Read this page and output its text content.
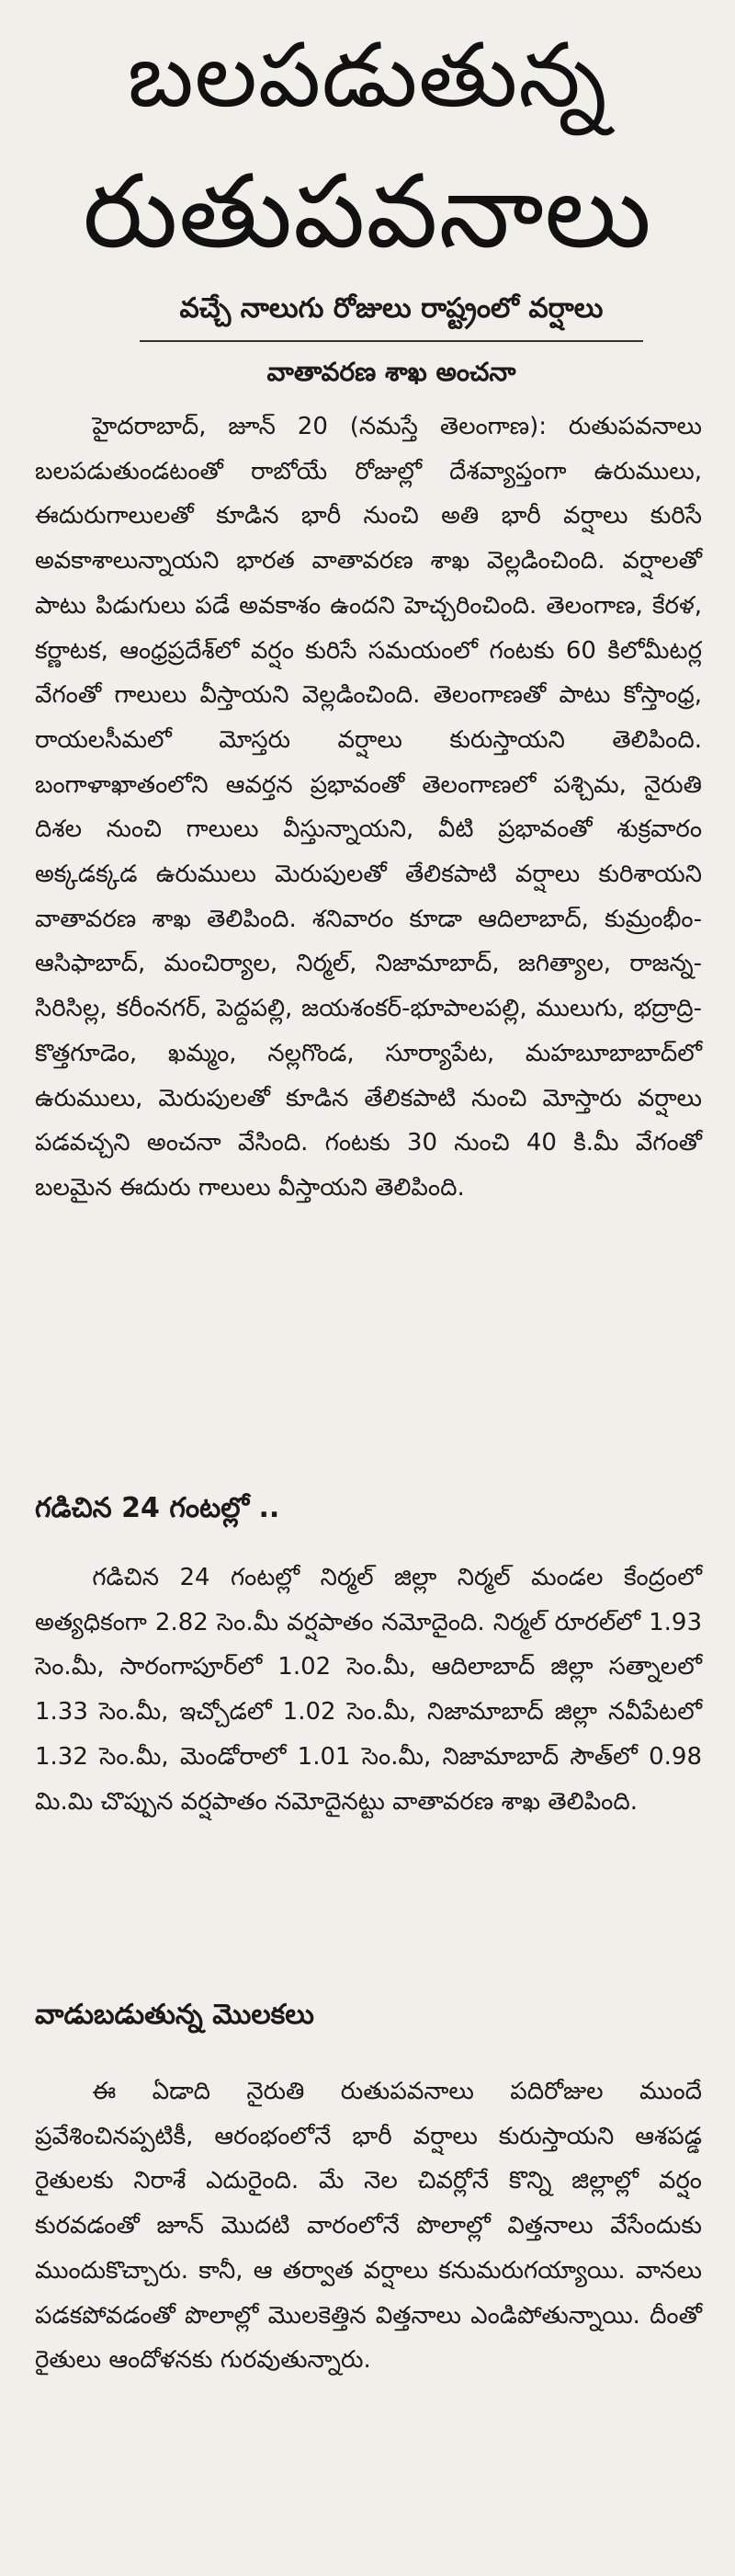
బలపడుతున్న
రుతుపవనాలు
వచ్చే నాలుగు రోజులు రాష్ట్రంలో వర్షాలు
వాతావరణ శాఖ అంచనా

హైదరాబాద్, జూన్ 20 (నమస్తే తెలంగాణ): రుతుపవనాలు బలపడుతుండటంతో రాబోయే రోజుల్లో దేశవ్యాప్తంగా ఉరుములు, ఈదురుగాలులతో కూడిన భారీ నుంచి అతి భారీ వర్షాలు కురిసే అవకాశాలున్నాయని భారత వాతావరణ శాఖ వెల్లడించింది. వర్షాలతో పాటు పిడుగులు పడే అవకాశం ఉందని హెచ్చరించింది. తెలంగాణ, కేరళ, కర్ణాటక, ఆంధ్రప్రదేశ్‌లో వర్షం కురిసే సమయంలో గంటకు 60 కిలోమీటర్ల వేగంతో గాలులు వీస్తాయని వెల్లడించింది. తెలంగాణతో పాటు కోస్తాంధ్ర, రాయలసీమలో మోస్తరు వర్షాలు కురుస్తాయని తెలిపింది. బంగాళాఖాతంలోని ఆవర్తన ప్రభావంతో తెలంగాణలో పశ్చిమ, నైరుతి దిశల నుంచి గాలులు వీస్తున్నాయని, వీటి ప్రభావంతో శుక్రవారం అక్కడక్కడ ఉరుములు మెరుపులతో తేలికపాటి వర్షాలు కురిశాయని వాతావరణ శాఖ తెలిపింది. శనివారం కూడా ఆదిలాబాద్, కుమ్రంభీం-ఆసిఫాబాద్, మంచిర్యాల, నిర్మల్, నిజామాబాద్, జగిత్యాల, రాజన్న-సిరిసిల్ల, కరీంనగర్, పెద్దపల్లి, జయశంకర్-భూపాలపల్లి, ములుగు, భద్రాద్రి-కొత్తగూడెం, ఖమ్మం, నల్లగొండ, సూర్యాపేట, మహబూబాబాద్‌లో ఉరుములు, మెరుపులతో కూడిన తేలికపాటి నుంచి మోస్తారు వర్షాలు పడవచ్చని అంచనా వేసింది. గంటకు 30 నుంచి 40 కి.మీ వేగంతో బలమైన ఈదురు గాలులు వీస్తాయని తెలిపింది.

గడిచిన 24 గంటల్లో ..

గడిచిన 24 గంటల్లో నిర్మల్ జిల్లా నిర్మల్ మండల కేంద్రంలో అత్యధికంగా 2.82 సెం.మీ వర్షపాతం నమోదైంది. నిర్మల్ రూరల్‌లో 1.93 సెం.మీ, సారంగాపూర్‌లో 1.02 సెం.మీ, ఆదిలాబాద్ జిల్లా సత్నాలలో 1.33 సెం.మీ, ఇచ్చోడలో 1.02 సెం.మీ, నిజామాబాద్ జిల్లా నవీపేటలో 1.32 సెం.మీ, మెండోరాలో 1.01 సెం.మీ, నిజామాబాద్ సౌత్‌లో 0.98 మి.మి చొప్పున వర్షపాతం నమోదైనట్టు వాతావరణ శాఖ తెలిపింది.

వాడుబడుతున్న మొలకలు

ఈ ఏడాది నైరుతి రుతుపవనాలు పదిరోజుల ముందే ప్రవేశించినప్పటికీ, ఆరంభంలోనే భారీ వర్షాలు కురుస్తాయని ఆశపడ్డ రైతులకు నిరాశే ఎదురైంది. మే నెల చివర్లోనే కొన్ని జిల్లాల్లో వర్షం కురవడంతో జూన్ మొదటి వారంలోనే పొలాల్లో విత్తనాలు వేసేందుకు ముందుకొచ్చారు. కానీ, ఆ తర్వాత వర్షాలు కనుమరుగయ్యాయి. వానలు పడకపోవడంతో పొలాల్లో మొలకెత్తిన విత్తనాలు ఎండిపోతున్నాయి. దీంతో రైతులు ఆందోళనకు గురవుతున్నారు.
